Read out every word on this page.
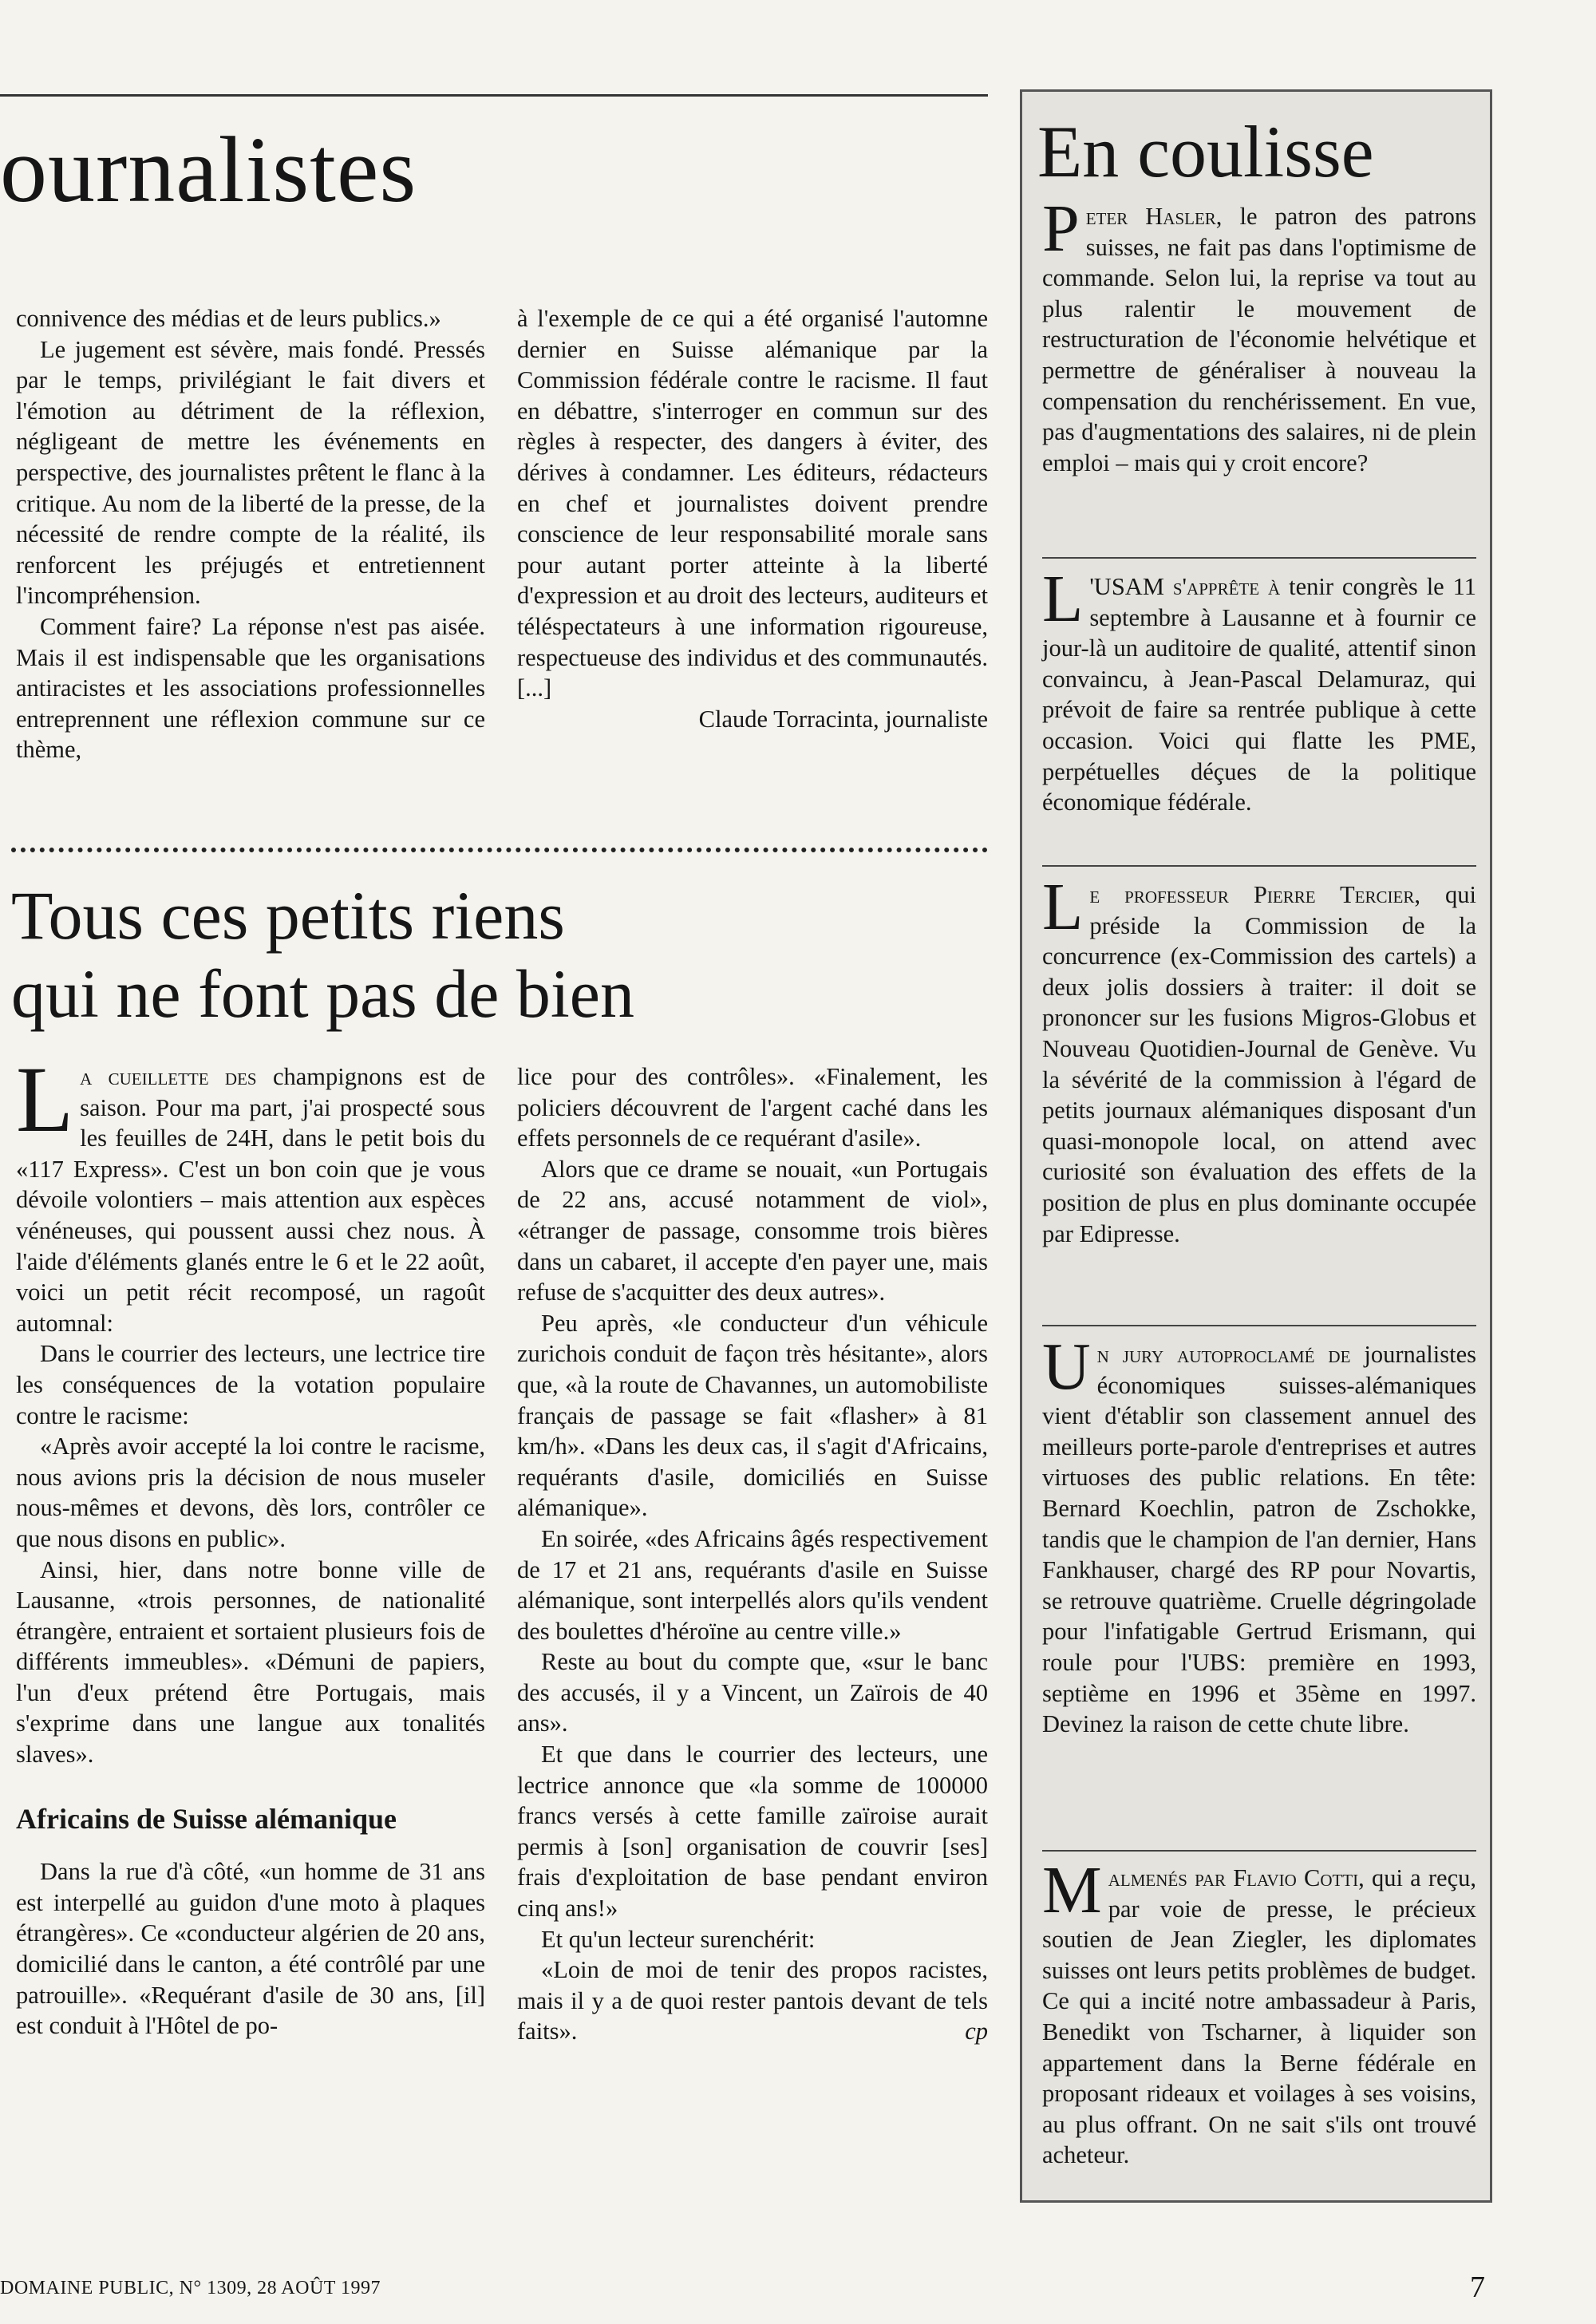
ournalistes

connivence des médias et de leurs publics.»

Le jugement est sévère, mais fondé. Pressés par le temps, privilégiant le fait divers et l'émotion au détriment de la réflexion, négligeant de mettre les événements en perspective, des journalistes prêtent le flanc à la critique. Au nom de la liberté de la presse, de la nécessité de rendre compte de la réalité, ils renforcent les préjugés et entretiennent l'incompréhension.

Comment faire? La réponse n'est pas aisée. Mais il est indispensable que les organisations antiracistes et les associations professionnelles entreprennent une réflexion commune sur ce thème,

à l'exemple de ce qui a été organisé l'automne dernier en Suisse alémanique par la Commission fédérale contre le racisme. Il faut en débattre, s'interroger en commun sur des règles à respecter, des dangers à éviter, des dérives à condamner. Les éditeurs, rédacteurs en chef et journalistes doivent prendre conscience de leur responsabilité morale sans pour autant porter atteinte à la liberté d'expression et au droit des lecteurs, auditeurs et téléspectateurs à une information rigoureuse, respectueuse des individus et des communautés. [...]

Claude Torracinta, journaliste

Tous ces petits riens
qui ne font pas de bien

La cueillette des champignons est de saison. Pour ma part, j'ai prospecté sous les feuilles de 24H, dans le petit bois du «117 Express». C'est un bon coin que je vous dévoile volontiers – mais attention aux espèces vénéneuses, qui poussent aussi chez nous. À l'aide d'éléments glanés entre le 6 et le 22 août, voici un petit récit recomposé, un ragoût automnal:

Dans le courrier des lecteurs, une lectrice tire les conséquences de la votation populaire contre le racisme:

«Après avoir accepté la loi contre le racisme, nous avions pris la décision de nous museler nous-mêmes et devons, dès lors, contrôler ce que nous disons en public».

Ainsi, hier, dans notre bonne ville de Lausanne, «trois personnes, de nationalité étrangère, entraient et sortaient plusieurs fois de différents immeubles». «Démuni de papiers, l'un d'eux prétend être Portugais, mais s'exprime dans une langue aux tonalités slaves».

Africains de Suisse alémanique

Dans la rue d'à côté, «un homme de 31 ans est interpellé au guidon d'une moto à plaques étrangères». Ce «conducteur algérien de 20 ans, domicilié dans le canton, a été contrôlé par une patrouille». «Requérant d'asile de 30 ans, [il] est conduit à l'Hôtel de po-

lice pour des contrôles». «Finalement, les policiers découvrent de l'argent caché dans les effets personnels de ce requérant d'asile».

Alors que ce drame se nouait, «un Portugais de 22 ans, accusé notamment de viol», «étranger de passage, consomme trois bières dans un cabaret, il accepte d'en payer une, mais refuse de s'acquitter des deux autres».

Peu après, «le conducteur d'un véhicule zurichois conduit de façon très hésitante», alors que, «à la route de Chavannes, un automobiliste français de passage se fait «flasher» à 81 km/h». «Dans les deux cas, il s'agit d'Africains, requérants d'asile, domiciliés en Suisse alémanique».

En soirée, «des Africains âgés respectivement de 17 et 21 ans, requérants d'asile en Suisse alémanique, sont interpellés alors qu'ils vendent des boulettes d'héroïne au centre ville.»

Reste au bout du compte que, «sur le banc des accusés, il y a Vincent, un Zaïrois de 40 ans».

Et que dans le courrier des lecteurs, une lectrice annonce que «la somme de 100000 francs versés à cette famille zaïroise aurait permis à [son] organisation de couvrir [ses] frais d'exploitation de base pendant environ cinq ans!»

Et qu'un lecteur surenchérit:

«Loin de moi de tenir des propos racistes, mais il y a de quoi rester pantois devant de tels faits».	cp

En coulisse

Peter Hasler, le patron des patrons suisses, ne fait pas dans l'optimisme de commande. Selon lui, la reprise va tout au plus ralentir le mouvement de restructuration de l'économie helvétique et permettre de généraliser à nouveau la compensation du renchérissement. En vue, pas d'augmentations des salaires, ni de plein emploi – mais qui y croit encore?

L 'USAM s'apprête à tenir congrès le 11 septembre à Lausanne et à fournir ce jour-là un auditoire de qualité, attentif sinon convaincu, à Jean-Pascal Delamuraz, qui prévoit de faire sa rentrée publique à cette occasion. Voici qui flatte les PME, perpétuelles déçues de la politique économique fédérale.

Le professeur Pierre Tercier, qui préside la Commission de la concurrence (ex-Commission des cartels) a deux jolis dossiers à traiter: il doit se prononcer sur les fusions Migros-Globus et Nouveau Quotidien-Journal de Genève. Vu la sévérité de la commission à l'égard de petits journaux alémaniques disposant d'un quasi-monopole local, on attend avec curiosité son évaluation des effets de la position de plus en plus dominante occupée par Edipresse.

Un jury autoproclamé de journalistes économiques suisses-alémaniques vient d'établir son classement annuel des meilleurs porte-parole d'entreprises et autres virtuoses des public relations. En tête: Bernard Koechlin, patron de Zschokke, tandis que le champion de l'an dernier, Hans Fankhauser, chargé des RP pour Novartis, se retrouve quatrième. Cruelle dégringolade pour l'infatigable Gertrud Erismann, qui roule pour l'UBS: première en 1993, septième en 1996 et 35ème en 1997. Devinez la raison de cette chute libre.

Malmenés par Flavio Cotti, qui a reçu, par voie de presse, le précieux soutien de Jean Ziegler, les diplomates suisses ont leurs petits problèmes de budget. Ce qui a incité notre ambassadeur à Paris, Benedikt von Tscharner, à liquider son appartement dans la Berne fédérale en proposant rideaux et voilages à ses voisins, au plus offrant. On ne sait s'ils ont trouvé acheteur.

DOMAINE PUBLIC, N° 1309, 28 AOÛT 1997	7
